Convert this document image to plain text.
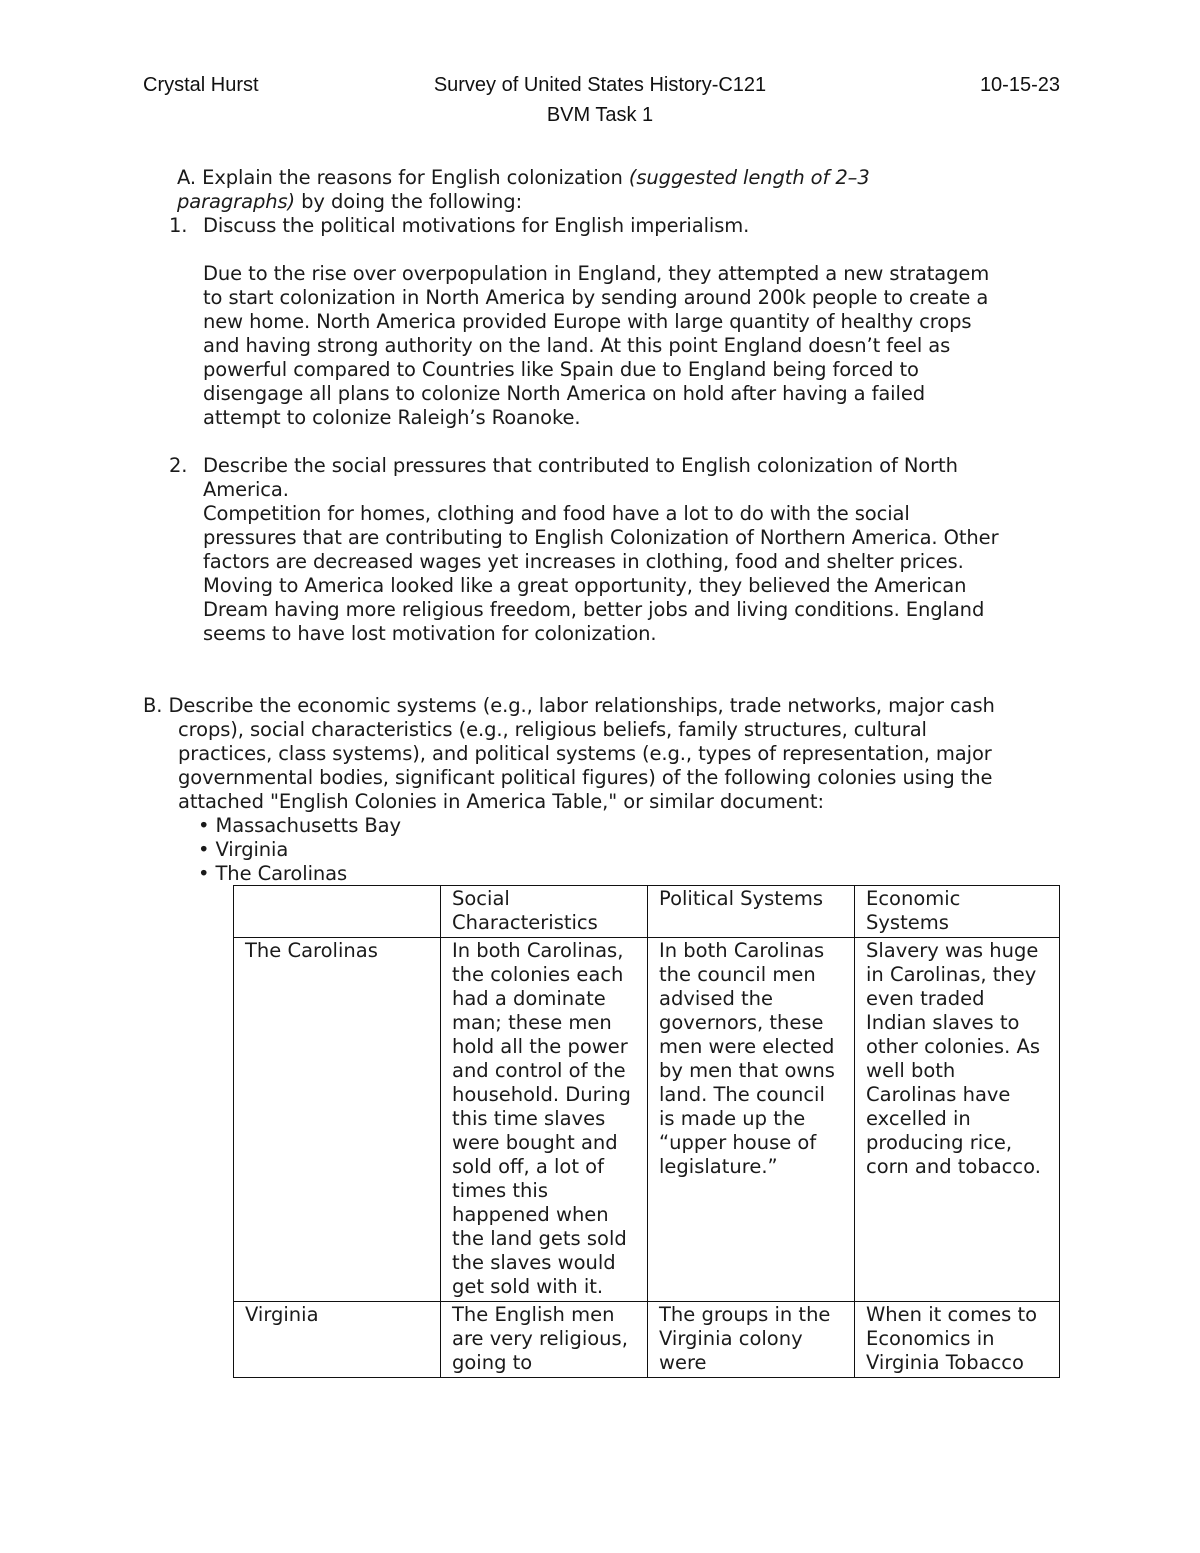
Crystal Hurst	Survey of United States History-C121	10-15-23
BVM Task 1
A. Explain the reasons for English colonization (suggested length of 2–3
paragraphs) by doing the following:
1. Discuss the political motivations for English imperialism.
Due to the rise over overpopulation in England, they attempted a new stratagem
to start colonization in North America by sending around 200k people to create a
new home. North America provided Europe with large quantity of healthy crops
and having strong authority on the land. At this point England doesn’t feel as
powerful compared to Countries like Spain due to England being forced to
disengage all plans to colonize North America on hold after having a failed
attempt to colonize Raleigh’s Roanoke.
2. Describe the social pressures that contributed to English colonization of North
America.
Competition for homes, clothing and food have a lot to do with the social
pressures that are contributing to English Colonization of Northern America. Other
factors are decreased wages yet increases in clothing, food and shelter prices.
Moving to America looked like a great opportunity, they believed the American
Dream having more religious freedom, better jobs and living conditions. England
seems to have lost motivation for colonization.
B. Describe the economic systems (e.g., labor relationships, trade networks, major cash
crops), social characteristics (e.g., religious beliefs, family structures, cultural
practices, class systems), and political systems (e.g., types of representation, major
governmental bodies, significant political figures) of the following colonies using the
attached "English Colonies in America Table," or similar document:
• Massachusetts Bay
• Virginia
• The Carolinas
	Social Characteristics	Political Systems	Economic Systems
The Carolinas	In both Carolinas, the colonies each had a dominate man; these men hold all the power and control of the household. During this time slaves were bought and sold off, a lot of times this happened when the land gets sold the slaves would get sold with it.	In both Carolinas the council men advised the governors, these men were elected by men that owns land. The council is made up the “upper house of legislature.”	Slavery was huge in Carolinas, they even traded Indian slaves to other colonies. As well both Carolinas have excelled in producing rice, corn and tobacco.
Virginia	The English men are very religious, going to	The groups in the Virginia colony were	When it comes to Economics in Virginia Tobacco
